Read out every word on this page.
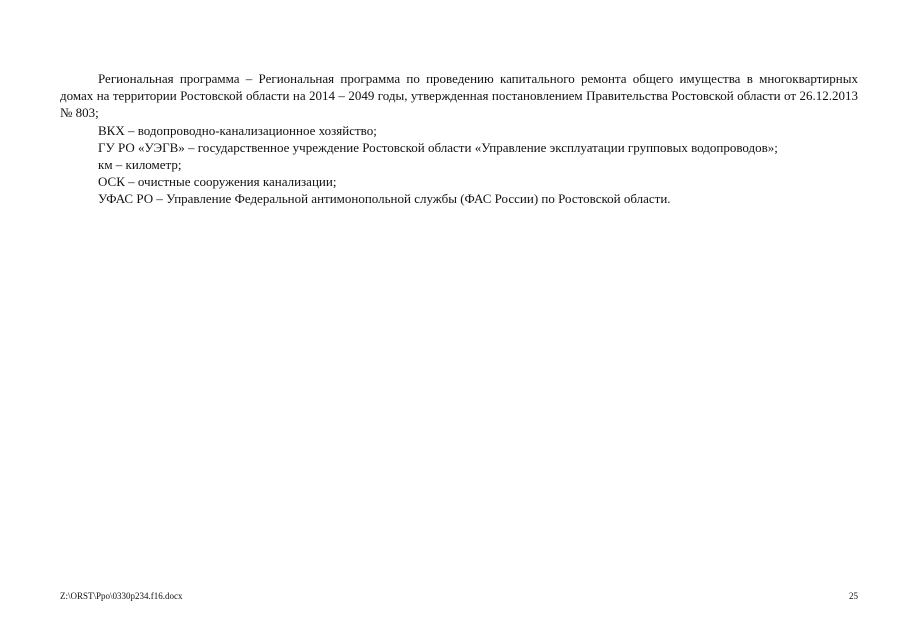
Региональная программа – Региональная программа по проведению капитального ремонта общего имущества в многоквартирных домах на территории Ростовской области на 2014 – 2049 годы, утвержденная постановлением Правительства Ростовской области от 26.12.2013 № 803;

ВКХ – водопроводно-канализационное хозяйство;

ГУ РО «УЭГВ» – государственное учреждение Ростовской области «Управление эксплуатации групповых водопроводов»;

км – километр;

ОСК – очистные сооружения канализации;

УФАС РО – Управление Федеральной антимонопольной службы (ФАС России) по Ростовской области.

Z:\ORST\Ppo\0330p234.f16.docx	25
